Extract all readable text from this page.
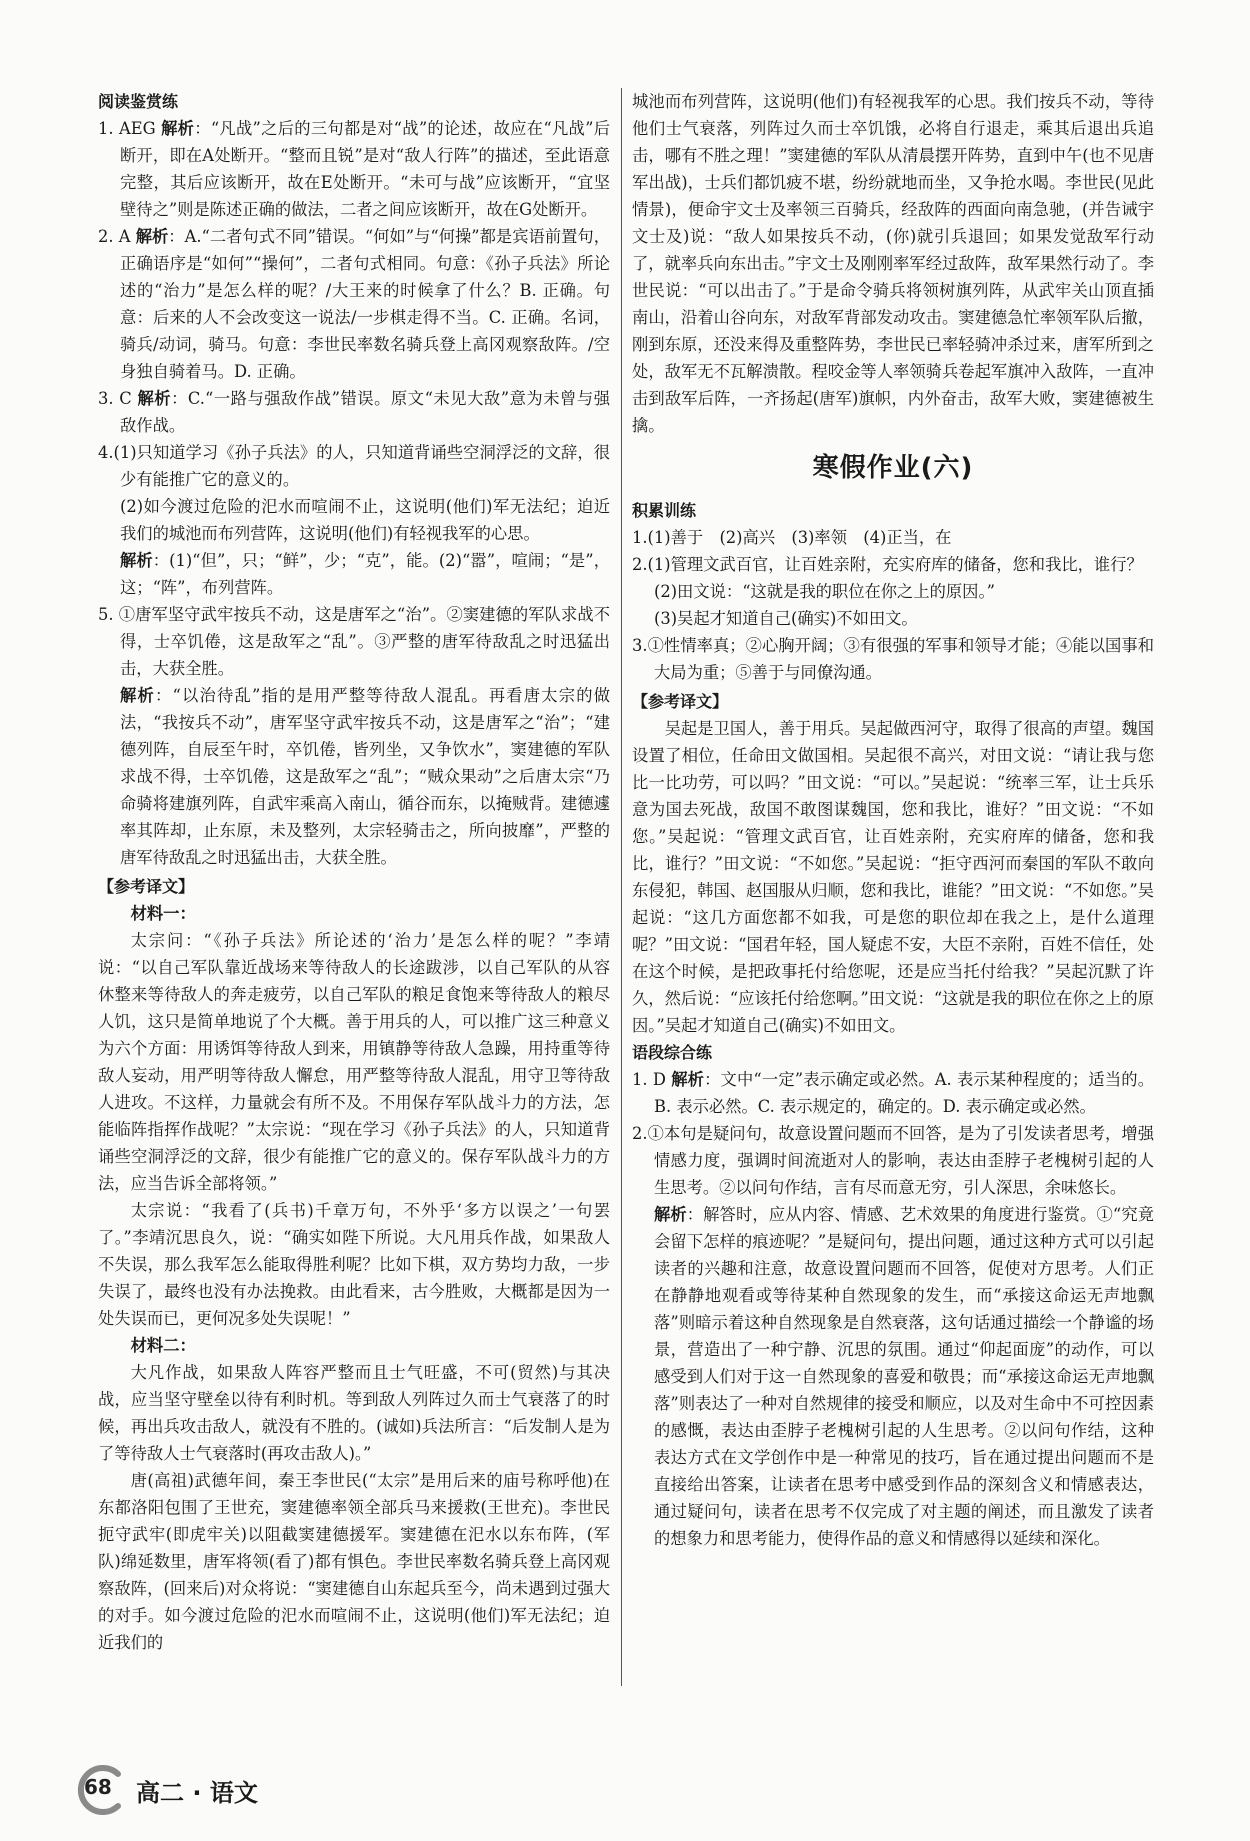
阅读鉴赏练

1. AEG 解析：“凡战”之后的三句都是对“战”的论述，故应在“凡战”后断开，即在A处断开。“整而且锐”是对“敌人行阵”的描述，至此语意完整，其后应该断开，故在E处断开。“未可与战”应该断开，“宜坚壁待之”则是陈述正确的做法，二者之间应该断开，故在G处断开。

2. A 解析：A.“二者句式不同”错误。“何如”与“何操”都是宾语前置句，正确语序是“如何”“操何”，二者句式相同。句意：《孙子兵法》所论述的“治力”是怎么样的呢？/大王来的时候拿了什么？B. 正确。句意：后来的人不会改变这一说法/一步棋走得不当。C. 正确。名词，骑兵/动词，骑马。句意：李世民率数名骑兵登上高冈观察敌阵。/空身独自骑着马。D. 正确。

3. C 解析：C.“一路与强敌作战”错误。原文“未见大敌”意为未曾与强敌作战。

4.(1)只知道学习《孙子兵法》的人，只知道背诵些空洞浮泛的文辞，很少有能推广它的意义的。

(2)如今渡过危险的汜水而喧闹不止，这说明(他们)军无法纪；迫近我们的城池而布列营阵，这说明(他们)有轻视我军的心思。

解析：(1)“但”，只；“鲜”，少；“克”，能。(2)“嚣”，喧闹；“是”，这；“阵”，布列营阵。

5. ①唐军坚守武牢按兵不动，这是唐军之“治”。②窦建德的军队求战不得，士卒饥倦，这是敌军之“乱”。③严整的唐军待敌乱之时迅猛出击，大获全胜。

解析：“以治待乱”指的是用严整等待敌人混乱。再看唐太宗的做法，“我按兵不动”，唐军坚守武牢按兵不动，这是唐军之“治”；“建德列阵，自辰至午时，卒饥倦，皆列坐，又争饮水”，窦建德的军队求战不得，士卒饥倦，这是敌军之“乱”；“贼众果动”之后唐太宗“乃命骑将建旗列阵，自武牢乘高入南山，循谷而东，以掩贼背。建德遽率其阵却，止东原，未及整列，太宗轻骑击之，所向披靡”，严整的唐军待敌乱之时迅猛出击，大获全胜。

【参考译文】

材料一：

太宗问：“《孙子兵法》所论述的‘治力’是怎么样的呢？”李靖说：“以自己军队靠近战场来等待敌人的长途跋涉，以自己军队的从容休整来等待敌人的奔走疲劳，以自己军队的粮足食饱来等待敌人的粮尽人饥，这只是简单地说了个大概。善于用兵的人，可以推广这三种意义为六个方面：用诱饵等待敌人到来，用镇静等待敌人急躁，用持重等待敌人妄动，用严明等待敌人懈怠，用严整等待敌人混乱，用守卫等待敌人进攻。不这样，力量就会有所不及。不用保存军队战斗力的方法，怎能临阵指挥作战呢？”太宗说：“现在学习《孙子兵法》的人，只知道背诵些空洞浮泛的文辞，很少有能推广它的意义的。保存军队战斗力的方法，应当告诉全部将领。”

太宗说：“我看了(兵书)千章万句，不外乎‘多方以误之’一句罢了。”李靖沉思良久，说：“确实如陛下所说。大凡用兵作战，如果敌人不失误，那么我军怎么能取得胜利呢？比如下棋，双方势均力敌，一步失误了，最终也没有办法挽救。由此看来，古今胜败，大概都是因为一处失误而已，更何况多处失误呢！”

材料二：

大凡作战，如果敌人阵容严整而且士气旺盛，不可(贸然)与其决战，应当坚守壁垒以待有利时机。等到敌人列阵过久而士气衰落了的时候，再出兵攻击敌人，就没有不胜的。(诚如)兵法所言：“后发制人是为了等待敌人士气衰落时(再攻击敌人)。”

唐(高祖)武德年间，秦王李世民(“太宗”是用后来的庙号称呼他)在东都洛阳包围了王世充，窦建德率领全部兵马来援救(王世充)。李世民扼守武牢(即虎牢关)以阻截窦建德援军。窦建德在汜水以东布阵，(军队)绵延数里，唐军将领(看了)都有惧色。李世民率数名骑兵登上高冈观察敌阵，(回来后)对众将说：“窦建德自山东起兵至今，尚未遇到过强大的对手。如今渡过危险的汜水而喧闹不止，这说明(他们)军无法纪；迫近我们的

城池而布列营阵，这说明(他们)有轻视我军的心思。我们按兵不动，等待他们士气衰落，列阵过久而士卒饥饿，必将自行退走，乘其后退出兵追击，哪有不胜之理！”窦建德的军队从清晨摆开阵势，直到中午(也不见唐军出战)，士兵们都饥疲不堪，纷纷就地而坐，又争抢水喝。李世民(见此情景)，便命宇文士及率领三百骑兵，经敌阵的西面向南急驰，(并告诫宇文士及)说：“敌人如果按兵不动，(你)就引兵退回；如果发觉敌军行动了，就率兵向东出击。”宇文士及刚刚率军经过敌阵，敌军果然行动了。李世民说：“可以出击了。”于是命令骑兵将领树旗列阵，从武牢关山顶直插南山，沿着山谷向东，对敌军背部发动攻击。窦建德急忙率领军队后撤，刚到东原，还没来得及重整阵势，李世民已率轻骑冲杀过来，唐军所到之处，敌军无不瓦解溃散。程咬金等人率领骑兵卷起军旗冲入敌阵，一直冲击到敌军后阵，一齐扬起(唐军)旗帜，内外奋击，敌军大败，窦建德被生擒。

寒假作业(六)

积累训练

1.(1)善于　(2)高兴　(3)率领　(4)正当，在

2.(1)管理文武百官，让百姓亲附，充实府库的储备，您和我比，谁行？

(2)田文说：“这就是我的职位在你之上的原因。”

(3)吴起才知道自己(确实)不如田文。

3.①性情率真；②心胸开阔；③有很强的军事和领导才能；④能以国事和大局为重；⑤善于与同僚沟通。

【参考译文】

吴起是卫国人，善于用兵。吴起做西河守，取得了很高的声望。魏国设置了相位，任命田文做国相。吴起很不高兴，对田文说：“请让我与您比一比功劳，可以吗？”田文说：“可以。”吴起说：“统率三军，让士兵乐意为国去死战，敌国不敢图谋魏国，您和我比，谁好？”田文说：“不如您。”吴起说：“管理文武百官，让百姓亲附，充实府库的储备，您和我比，谁行？”田文说：“不如您。”吴起说：“拒守西河而秦国的军队不敢向东侵犯，韩国、赵国服从归顺，您和我比，谁能？”田文说：“不如您。”吴起说：“这几方面您都不如我，可是您的职位却在我之上，是什么道理呢？”田文说：“国君年轻，国人疑虑不安，大臣不亲附，百姓不信任，处在这个时候，是把政事托付给您呢，还是应当托付给我？”吴起沉默了许久，然后说：“应该托付给您啊。”田文说：“这就是我的职位在你之上的原因。”吴起才知道自己(确实)不如田文。

语段综合练

1. D 解析：文中“一定”表示确定或必然。A. 表示某种程度的；适当的。B. 表示必然。C. 表示规定的，确定的。D. 表示确定或必然。

2.①本句是疑问句，故意设置问题而不回答，是为了引发读者思考，增强情感力度，强调时间流逝对人的影响，表达由歪脖子老槐树引起的人生思考。②以问句作结，言有尽而意无穷，引人深思，余味悠长。

解析：解答时，应从内容、情感、艺术效果的角度进行鉴赏。①“究竟会留下怎样的痕迹呢？”是疑问句，提出问题，通过这种方式可以引起读者的兴趣和注意，故意设置问题而不回答，促使对方思考。人们正在静静地观看或等待某种自然现象的发生，而“承接这命运无声地飘落”则暗示着这种自然现象是自然衰落，这句话通过描绘一个静谧的场景，营造出了一种宁静、沉思的氛围。通过“仰起面庞”的动作，可以感受到人们对于这一自然现象的喜爱和敬畏；而“承接这命运无声地飘落”则表达了一种对自然规律的接受和顺应，以及对生命中不可控因素的感慨，表达由歪脖子老槐树引起的人生思考。②以问句作结，这种表达方式在文学创作中是一种常见的技巧，旨在通过提出问题而不是直接给出答案，让读者在思考中感受到作品的深刻含义和情感表达，通过疑问句，读者在思考不仅完成了对主题的阐述，而且激发了读者的想象力和思考能力，使得作品的意义和情感得以延续和深化。

68 高二 · 语文
